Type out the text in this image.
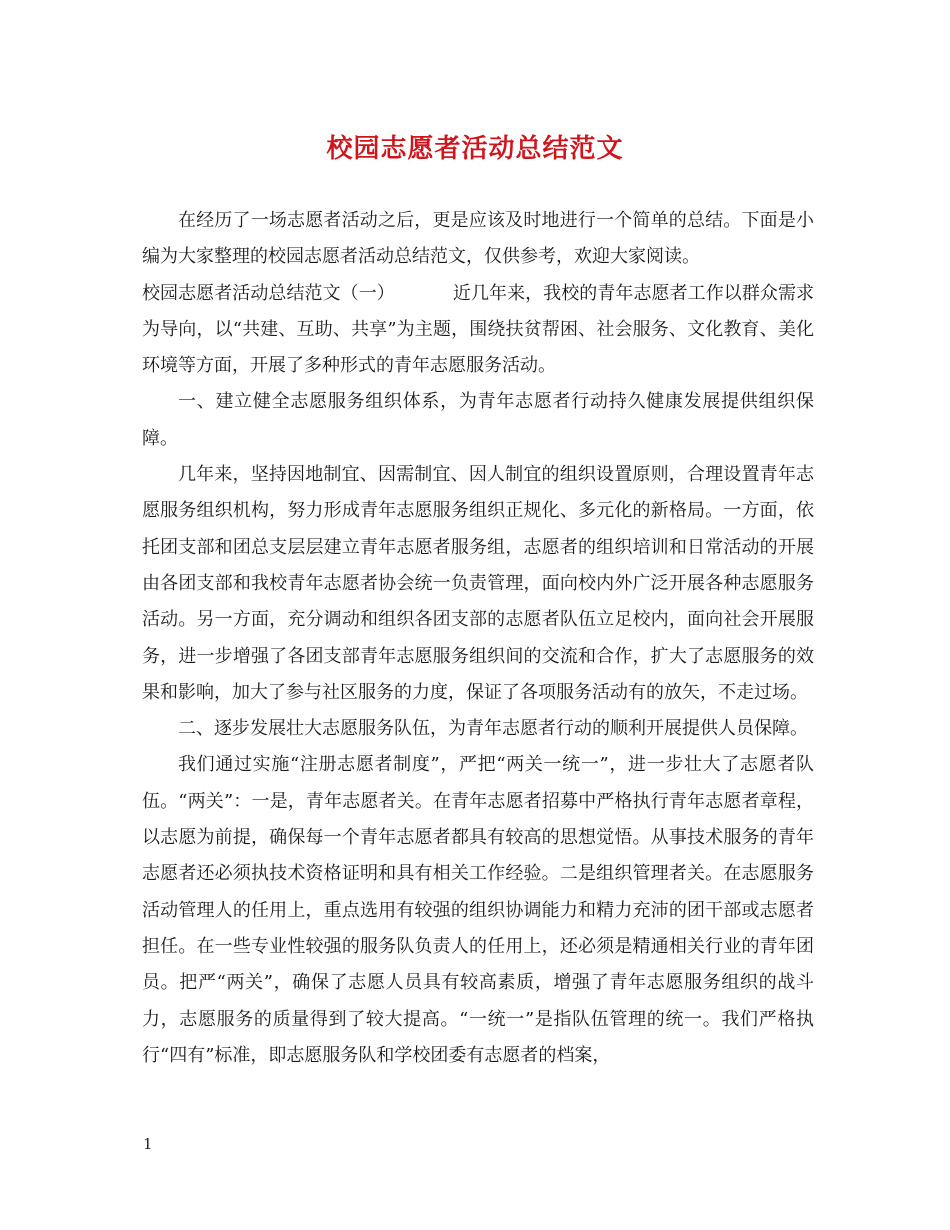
校园志愿者活动总结范文

在经历了一场志愿者活动之后，更是应该及时地进行一个简单的总结。下面是小编为大家整理的校园志愿者活动总结范文，仅供参考，欢迎大家阅读。

校园志愿者活动总结范文（一）	近几年来，我校的青年志愿者工作以群众需求为导向，以“共建、互助、共享”为主题，围绕扶贫帮困、社会服务、文化教育、美化环境等方面，开展了多种形式的青年志愿服务活动。

一、建立健全志愿服务组织体系，为青年志愿者行动持久健康发展提供组织保障。

几年来，坚持因地制宜、因需制宜、因人制宜的组织设置原则，合理设置青年志愿服务组织机构，努力形成青年志愿服务组织正规化、多元化的新格局。一方面，依托团支部和团总支层层建立青年志愿者服务组，志愿者的组织培训和日常活动的开展由各团支部和我校青年志愿者协会统一负责管理，面向校内外广泛开展各种志愿服务活动。另一方面，充分调动和组织各团支部的志愿者队伍立足校内，面向社会开展服务，进一步增强了各团支部青年志愿服务组织间的交流和合作，扩大了志愿服务的效果和影响，加大了参与社区服务的力度，保证了各项服务活动有的放矢，不走过场。

二、逐步发展壮大志愿服务队伍，为青年志愿者行动的顺利开展提供人员保障。

我们通过实施“注册志愿者制度”，严把“两关一统一”，进一步壮大了志愿者队伍。“两关”：一是，青年志愿者关。在青年志愿者招募中严格执行青年志愿者章程，以志愿为前提，确保每一个青年志愿者都具有较高的思想觉悟。从事技术服务的青年志愿者还必须执技术资格证明和具有相关工作经验。二是组织管理者关。在志愿服务活动管理人的任用上，重点选用有较强的组织协调能力和精力充沛的团干部或志愿者担任。在一些专业性较强的服务队负责人的任用上，还必须是精通相关行业的青年团员。把严“两关”，确保了志愿人员具有较高素质，增强了青年志愿服务组织的战斗力，志愿服务的质量得到了较大提高。“一统一”是指队伍管理的统一。我们严格执行“四有”标准，即志愿服务队和学校团委有志愿者的档案，

1
